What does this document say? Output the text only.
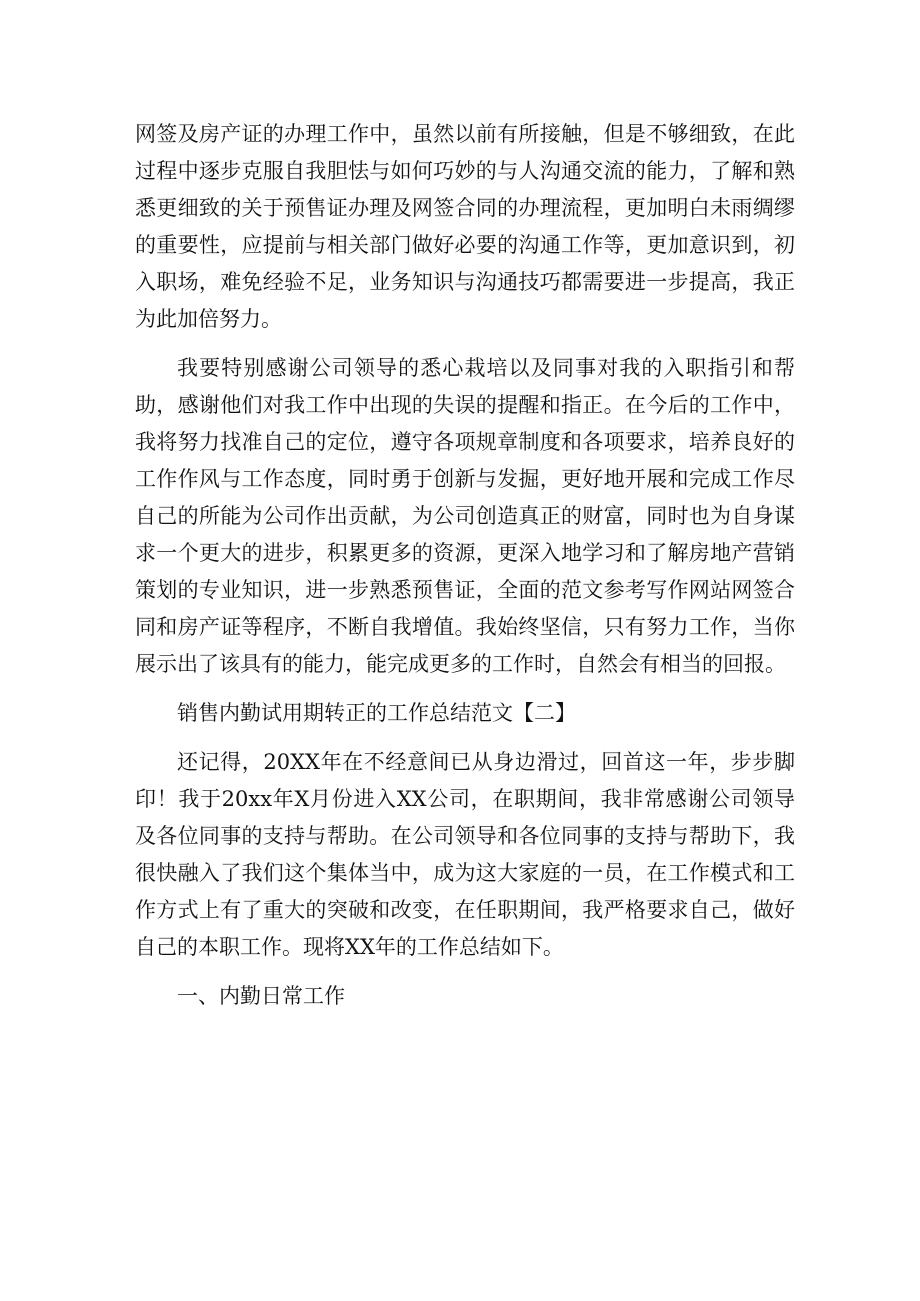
网签及房产证的办理工作中，虽然以前有所接触，但是不够细致，在此过程中逐步克服自我胆怯与如何巧妙的与人沟通交流的能力，了解和熟悉更细致的关于预售证办理及网签合同的办理流程，更加明白未雨绸缪的重要性，应提前与相关部门做好必要的沟通工作等，更加意识到，初入职场，难免经验不足，业务知识与沟通技巧都需要进一步提高，我正为此加倍努力。

我要特别感谢公司领导的悉心栽培以及同事对我的入职指引和帮助，感谢他们对我工作中出现的失误的提醒和指正。在今后的工作中，我将努力找准自己的定位，遵守各项规章制度和各项要求，培养良好的工作作风与工作态度，同时勇于创新与发掘，更好地开展和完成工作尽自己的所能为公司作出贡献，为公司创造真正的财富，同时也为自身谋求一个更大的进步，积累更多的资源，更深入地学习和了解房地产营销策划的专业知识，进一步熟悉预售证，全面的范文参考写作网站网签合同和房产证等程序，不断自我增值。我始终坚信，只有努力工作，当你展示出了该具有的能力，能完成更多的工作时，自然会有相当的回报。

销售内勤试用期转正的工作总结范文【二】

还记得，20XX年在不经意间已从身边滑过，回首这一年，步步脚印！我于20xx年X月份进入XX公司，在职期间，我非常感谢公司领导及各位同事的支持与帮助。在公司领导和各位同事的支持与帮助下，我很快融入了我们这个集体当中，成为这大家庭的一员，在工作模式和工作方式上有了重大的突破和改变，在任职期间，我严格要求自己，做好自己的本职工作。现将XX年的工作总结如下。

一、内勤日常工作
